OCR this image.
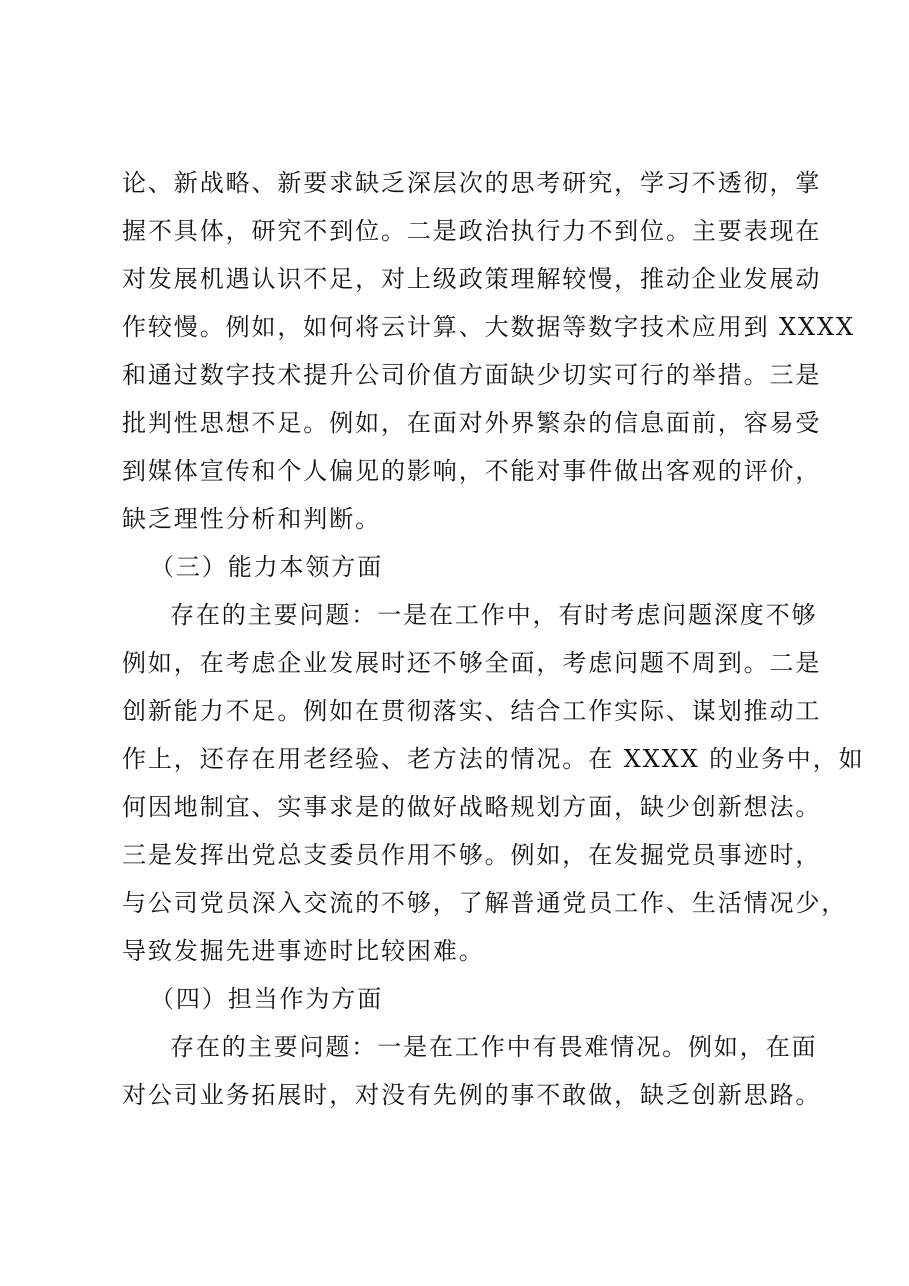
论、新战略、新要求缺乏深层次的思考研究，学习不透彻，掌
握不具体，研究不到位。二是政治执行力不到位。主要表现在
对发展机遇认识不足，对上级政策理解较慢，推动企业发展动
作较慢。例如，如何将云计算、大数据等数字技术应用到 XXXX
和通过数字技术提升公司价值方面缺少切实可行的举措。三是
批判性思想不足。例如，在面对外界繁杂的信息面前，容易受
到媒体宣传和个人偏见的影响，不能对事件做出客观的评价，
缺乏理性分析和判断。
（三）能力本领方面
存在的主要问题：一是在工作中，有时考虑问题深度不够
例如，在考虑企业发展时还不够全面，考虑问题不周到。二是
创新能力不足。例如在贯彻落实、结合工作实际、谋划推动工
作上，还存在用老经验、老方法的情况。在 XXXX 的业务中，如
何因地制宜、实事求是的做好战略规划方面，缺少创新想法。
三是发挥出党总支委员作用不够。例如，在发掘党员事迹时，
与公司党员深入交流的不够，了解普通党员工作、生活情况少，
导致发掘先进事迹时比较困难。
（四）担当作为方面
存在的主要问题：一是在工作中有畏难情况。例如，在面
对公司业务拓展时，对没有先例的事不敢做，缺乏创新思路。
